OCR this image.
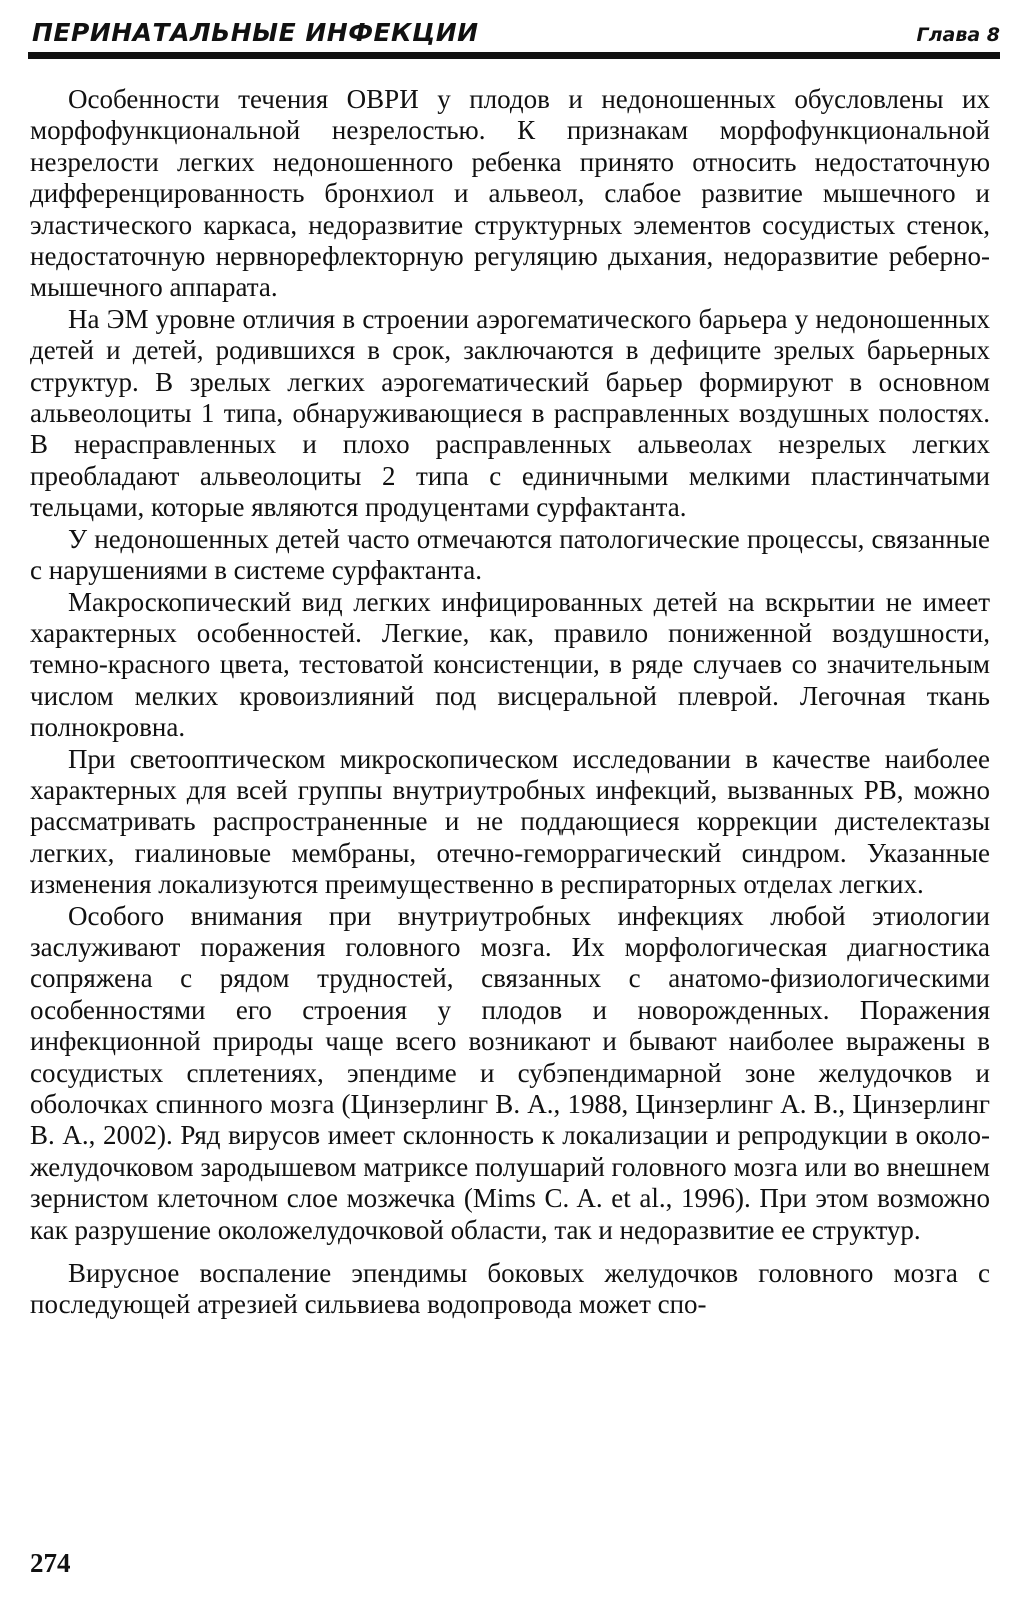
ПЕРИНАТАЛЬНЫЕ ИНФЕКЦИИ	Глава 8

Особенности течения ОВРИ у плодов и недоношенных обусловлены их морфофункциональной незрелостью. К признакам морфофункциональной незрелости легких недоношенного ребенка принято относить недостаточную дифференцированность бронхиол и альвеол, слабое развитие мышечного и эластического каркаса, недоразвитие структурных элементов сосудистых стенок, недостаточную нервнорефлекторную регуляцию дыхания, недоразвитие реберно-мышечного аппарата.

На ЭМ уровне отличия в строении аэрогематического барьера у недоношенных детей и детей, родившихся в срок, заключаются в дефиците зрелых барьерных структур. В зрелых легких аэрогематический барьер формируют в основном альвеолоциты 1 типа, обнаруживающиеся в расправленных воздушных полостях. В нерасправленных и плохо расправленных альвеолах незрелых легких преобладают альвеолоциты 2 типа с единичными мелкими пластинчатыми тельцами, которые являются продуцентами сурфактанта.

У недоношенных детей часто отмечаются патологические процессы, связанные с нарушениями в системе сурфактанта.

Макроскопический вид легких инфицированных детей на вскрытии не имеет характерных особенностей. Легкие, как, правило пониженной воздушности, темно-красного цвета, тестоватой консистенции, в ряде случаев со значительным числом мелких кровоизлияний под висцеральной плеврой. Легочная ткань полнокровна.

При светооптическом микроскопическом исследовании в качестве наиболее характерных для всей группы внутриутробных инфекций, вызванных РВ, можно рассматривать распространенные и не поддающиеся коррекции дистелектазы легких, гиалиновые мембраны, отечно-геморрагический синдром. Указанные изменения локализуются преимущественно в респираторных отделах легких.

Особого внимания при внутриутробных инфекциях любой этиологии заслуживают поражения головного мозга. Их морфологическая диагностика сопряжена с рядом трудностей, связанных с анатомо-физиологическими особенностями его строения у плодов и новорожденных. Поражения инфекционной природы чаще всего возникают и бывают наиболее выражены в сосудистых сплетениях, эпендиме и субэпендимарной зоне желудочков и оболочках спинного мозга (Цинзерлинг В. А., 1988, Цинзерлинг А. В., Цинзерлинг В. А., 2002). Ряд вирусов имеет склонность к локализации и репродукции в околожелудочковом зародышевом матриксе полушарий головного мозга или во внешнем зернистом клеточном слое мозжечка (Mims C. A. et al., 1996). При этом возможно как разрушение околожелудочковой области, так и недоразвитие ее структур.

Вирусное воспаление эпендимы боковых желудочков головного мозга с последующей атрезией сильвиева водопровода может спо-

274
